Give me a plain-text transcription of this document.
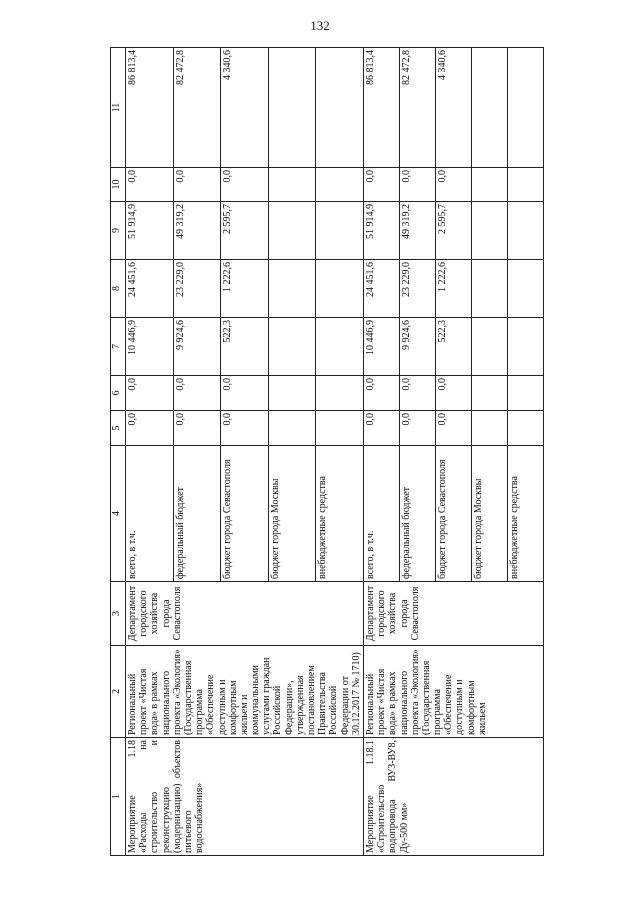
132
1	2	3	4	5	6	7	8	9	10	11
Мероприятие 1.18 «Расходы на строительство и реконструкцию (модернизацию) объектов питьевого водоснабжения»	Региональный проект «Чистая вода» в рамках национального проекта «Экология» (Государственная программа «Обеспечение доступным и комфортным жильем и коммунальными услугами граждан Российской Федерации», утвержденная постановлением Правительства Российской Федерации от 30.12.2017 № 1710)	Департамент городского хозяйства города Севастополя	всего, в т.ч.	0,0	0,0	10 446,9	24 451,6	51 914,9	0,0	86 813,4
			федеральный бюджет	0,0	0,0	9 924,6	23 229,0	49 319,2	0,0	82 472,8
			бюджет города Севастополя	0,0	0,0	522,3	1 222,6	2 595,7	0,0	4 340,6
			бюджет города Москвы							
			внебюджетные средства							
Мероприятие 1.18.1 «Строительство водопровода ВУЗ-ВУ8, Ду-500 мм»	Региональный проект «Чистая вода» в рамках национального проекта «Экология» (Государственная программа «Обеспечение доступным и комфортным жильем	Департамент городского хозяйства города Севастополя	всего, в т.ч.	0,0	0,0	10 446,9	24 451,6	51 914,9	0,0	86 813,4
			федеральный бюджет	0,0	0,0	9 924,6	23 229,0	49 319,2	0,0	82 472,8
			бюджет города Севастополя	0,0	0,0	522,3	1 222,6	2 595,7	0,0	4 340,6
			бюджет города Москвы							
			внебюджетные средства							
